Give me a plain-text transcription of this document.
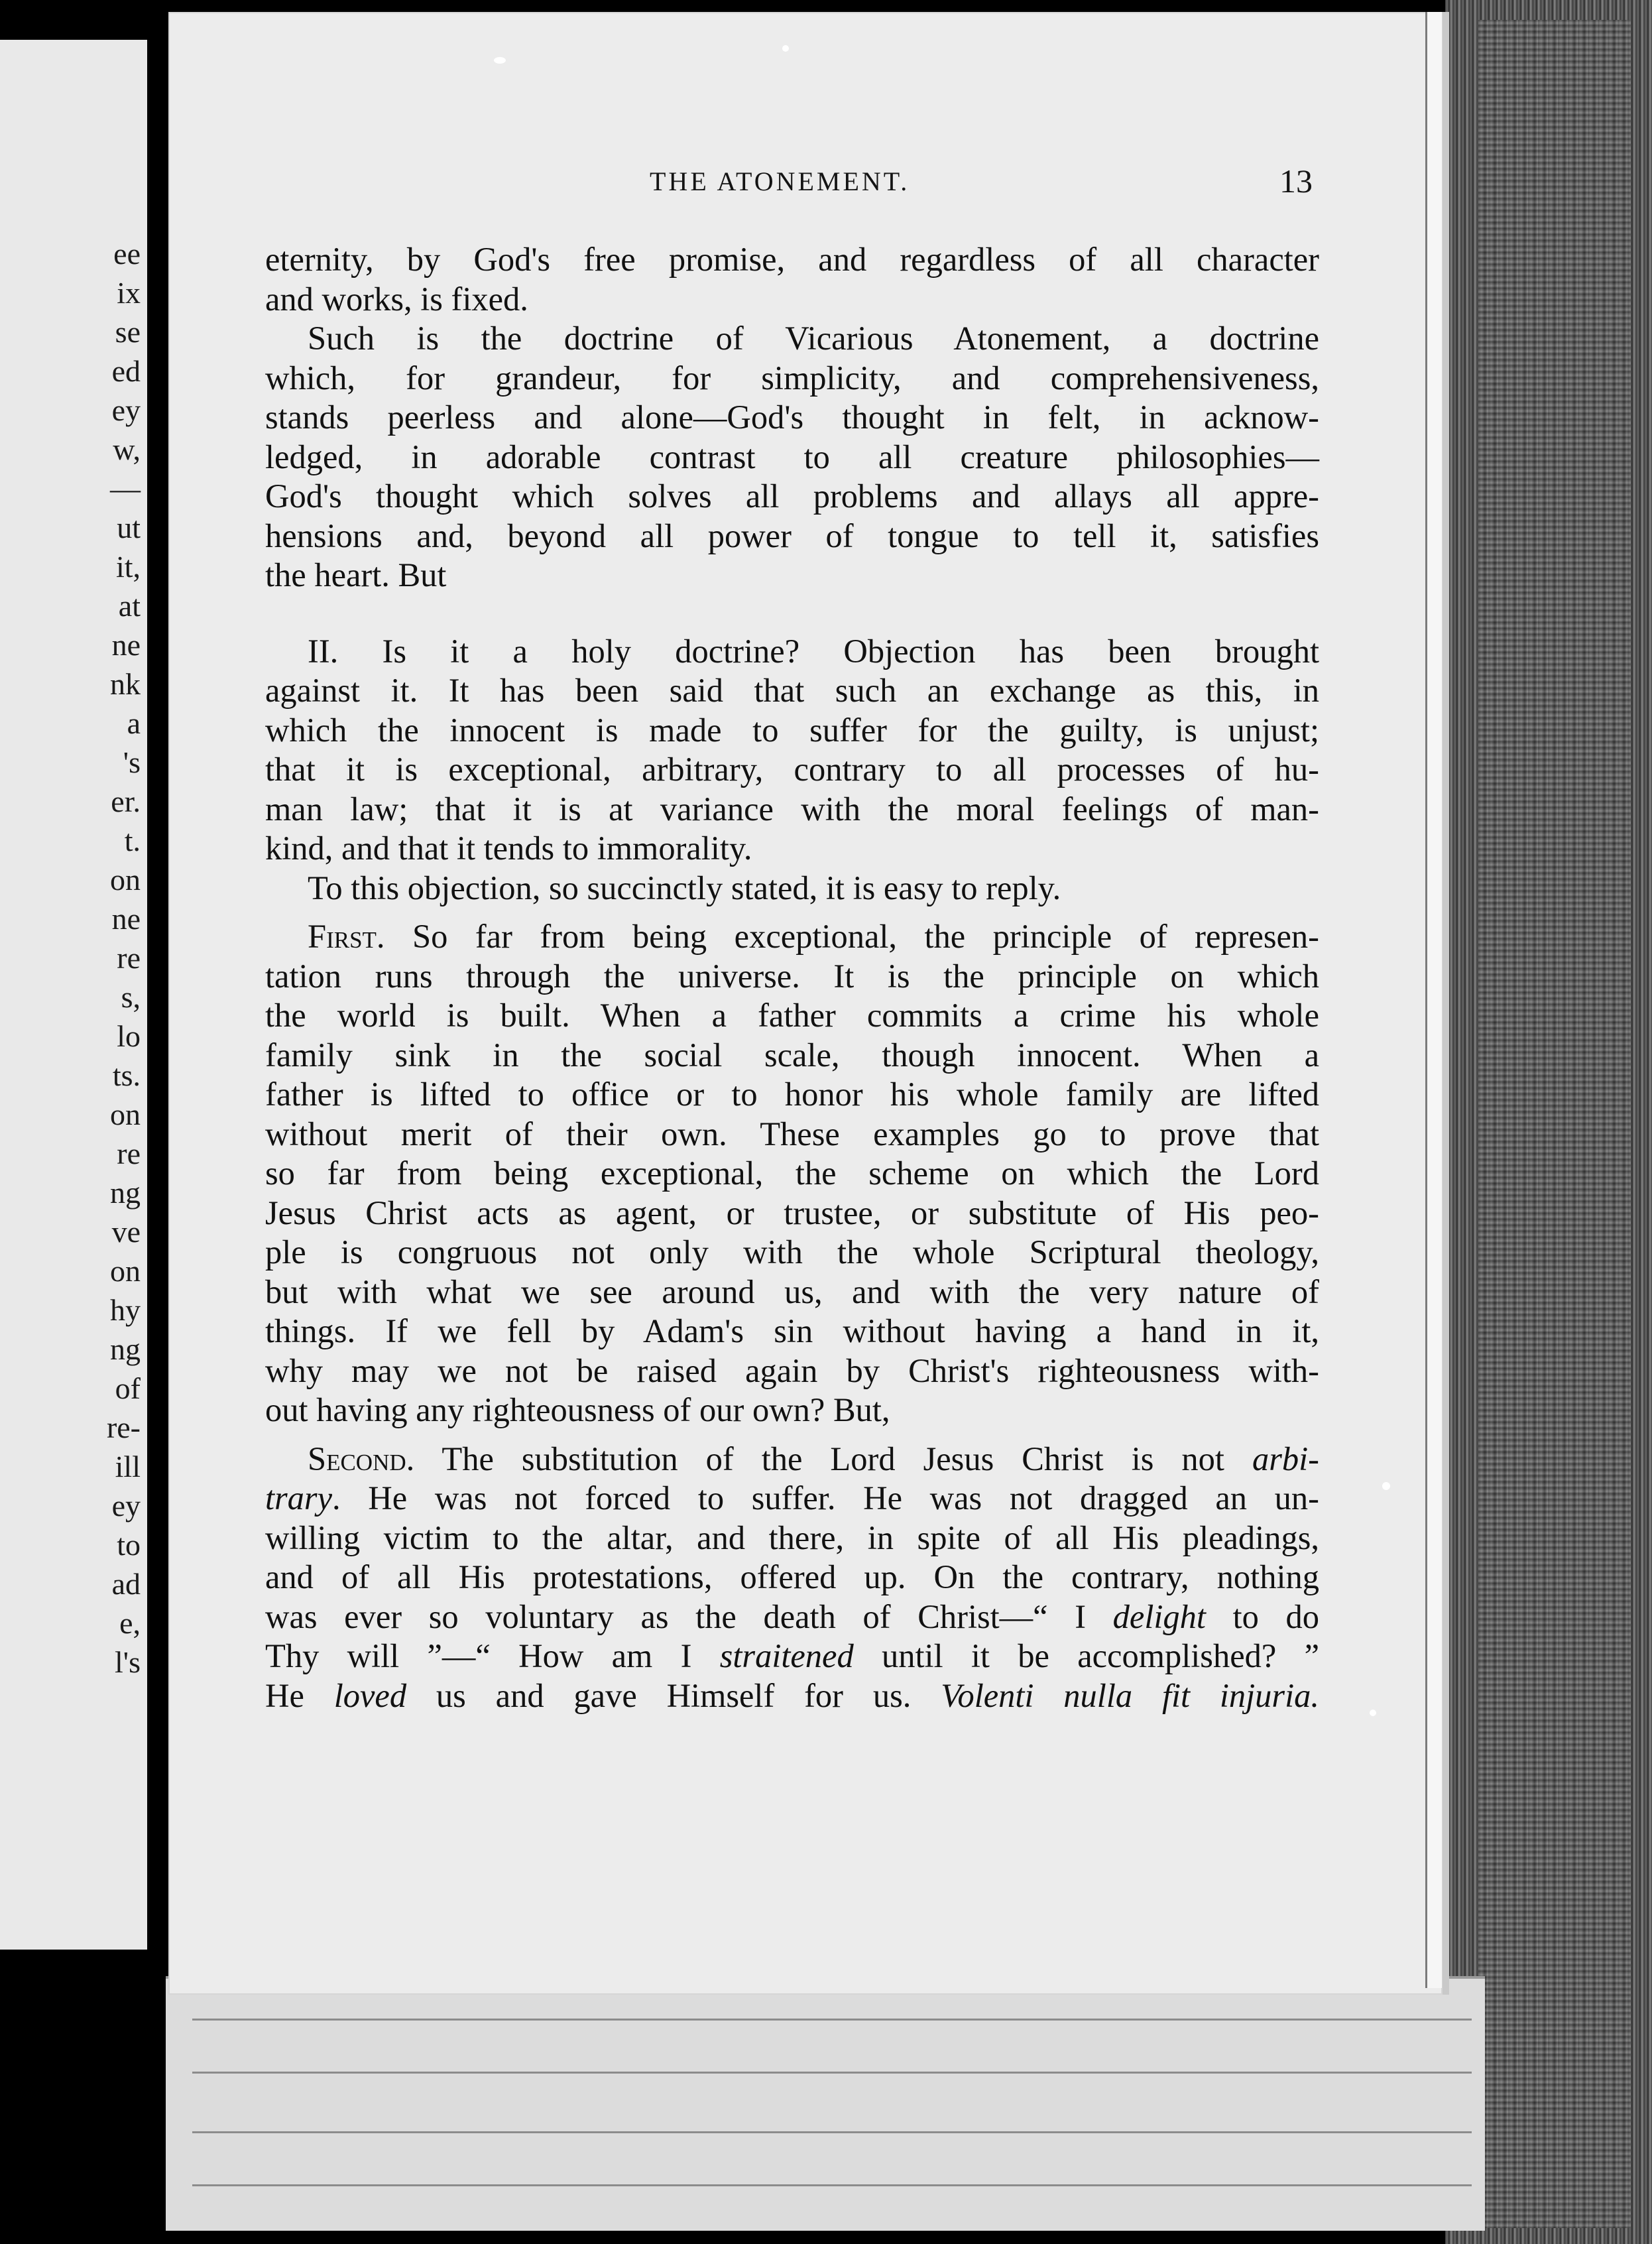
ee
ix
se
ed
ey
w,
—
ut
it,
at
ne
nk
a
's
er.
t.
on
ne
re
s,
lo
ts.
on
re
ng
ve
on
hy
ng
of
re-
ill
ey
to
ad
e,
l's
THE ATONEMENT.	13

eternity, by God's free promise, and regardless of all character

and works, is fixed.

Such is the doctrine of Vicarious Atonement, a doctrine

which, for grandeur, for simplicity, and comprehensiveness,

stands peerless and alone—God's thought in felt, in acknow-

ledged, in adorable contrast to all creature philosophies—

God's thought which solves all problems and allays all appre-

hensions and, beyond all power of tongue to tell it, satisfies

the heart. But

II. Is it a holy doctrine? Objection has been brought

against it. It has been said that such an exchange as this, in

which the innocent is made to suffer for the guilty, is unjust;

that it is exceptional, arbitrary, contrary to all processes of hu-

man law; that it is at variance with the moral feelings of man-

kind, and that it tends to immorality.

To this objection, so succinctly stated, it is easy to reply.

First. So far from being exceptional, the principle of represen-

tation runs through the universe. It is the principle on which

the world is built. When a father commits a crime his whole

family sink in the social scale, though innocent. When a

father is lifted to office or to honor his whole family are lifted

without merit of their own. These examples go to prove that

so far from being exceptional, the scheme on which the Lord

Jesus Christ acts as agent, or trustee, or substitute of His peo-

ple is congruous not only with the whole Scriptural theology,

but with what we see around us, and with the very nature of

things. If we fell by Adam's sin without having a hand in it,

why may we not be raised again by Christ's righteousness with-

out having any righteousness of our own? But,

Second. The substitution of the Lord Jesus Christ is not arbi-

trary. He was not forced to suffer. He was not dragged an un-

willing victim to the altar, and there, in spite of all His pleadings,

and of all His protestations, offered up. On the contrary, nothing

was ever so voluntary as the death of Christ—“ I delight to do

Thy will ”—“ How am I straitened until it be accomplished? ”

He loved us and gave Himself for us. Volenti nulla fit injuria.
